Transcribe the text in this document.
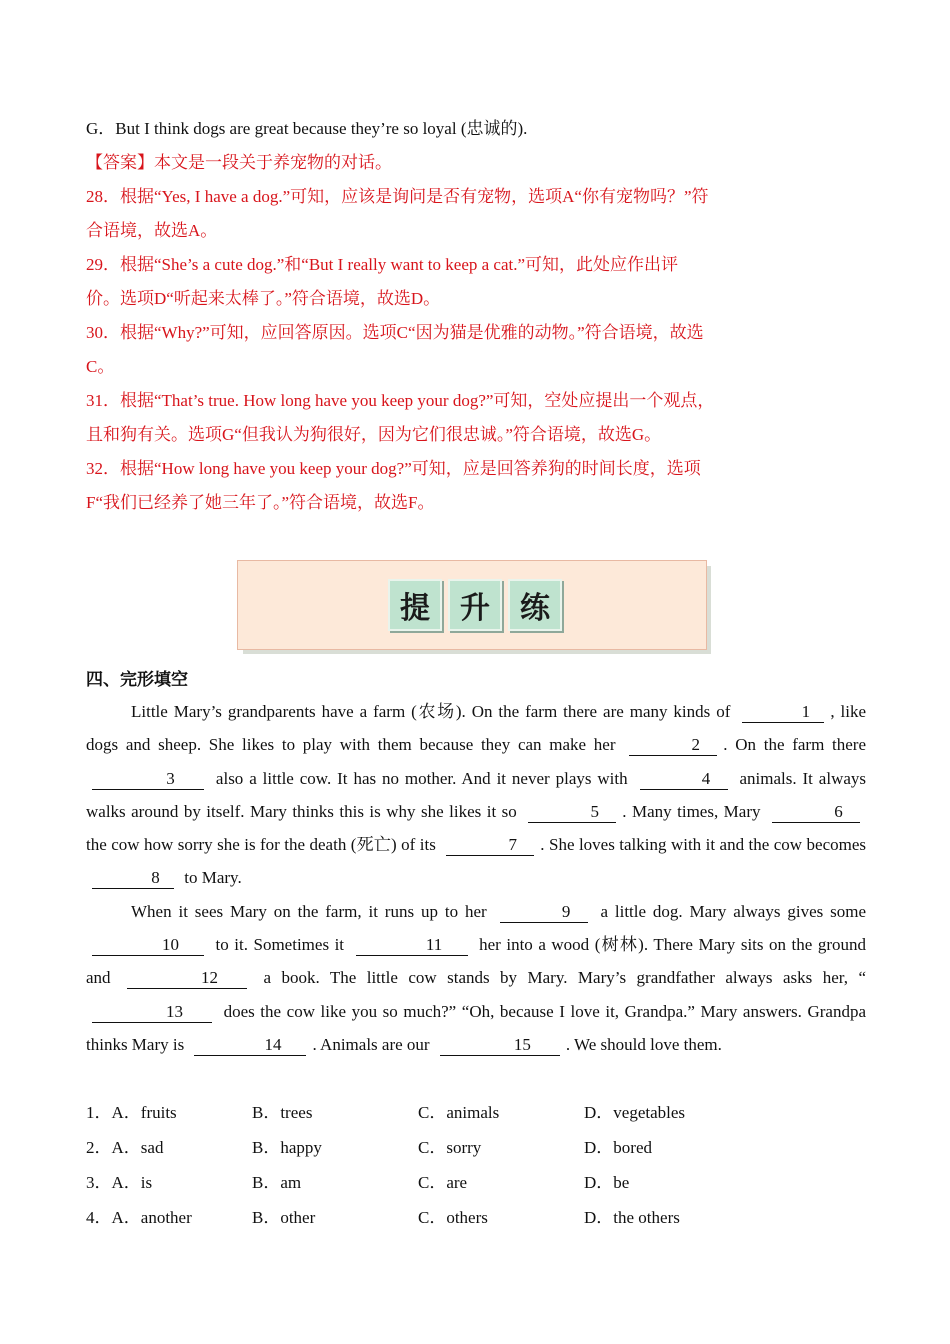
G．But I think dogs are great because they’re so loyal (忠诚的).

【答案】本文是一段关于养宠物的对话。

28．根据“Yes, I have a dog.”可知，应该是询问是否有宠物，选项A“你有宠物吗？”符

合语境，故选A。

29．根据“She’s a cute dog.”和“But I really want to keep a cat.”可知，此处应作出评

价。选项D“听起来太棒了。”符合语境，故选D。

30．根据“Why?”可知，应回答原因。选项C“因为猫是优雅的动物。”符合语境，故选

C。

31．根据“That’s true. How long have you keep your dog?”可知，空处应提出一个观点，

且和狗有关。选项G“但我认为狗很好，因为它们很忠诚。”符合语境，故选G。

32．根据“How long have you keep your dog?”可知，应是回答养狗的时间长度，选项

F“我们已经养了她三年了。”符合语境，故选F。

提	升	练
四、完形填空

Little Mary’s grandparents have a farm (农场). On the farm there are many kinds of	1 , like dogs and sheep. She likes to play with them because they can make her	2 . On the farm there 3 also a little cow. It has no mother. And it never plays with	4 animals. It always walks around by itself. Mary thinks this is why she likes it so	5 . Many times, Mary	6 the cow how sorry she is for the death (死亡) of its	7 . She loves talking with it and the cow becomes 8 to Mary.

When it sees Mary on the farm, it runs up to her	9 a little dog. Mary always gives some 10 to it. Sometimes it	11 her into a wood (树林). There Mary sits on the ground and	12	a book. The little cow stands by Mary. Mary’s grandfather always asks her, “13 does the cow like you so much?” “Oh, because I love it, Grandpa.” Mary answers. Grandpa thinks Mary is	14 . Animals are our	15 . We should love them.

1．A．fruits	B．trees	C．animals	D．vegetables
2．A．sad	B．happy	C．sorry	D．bored
3．A．is	B．am	C．are	D．be
4．A．another	B．other	C．others	D．the others
